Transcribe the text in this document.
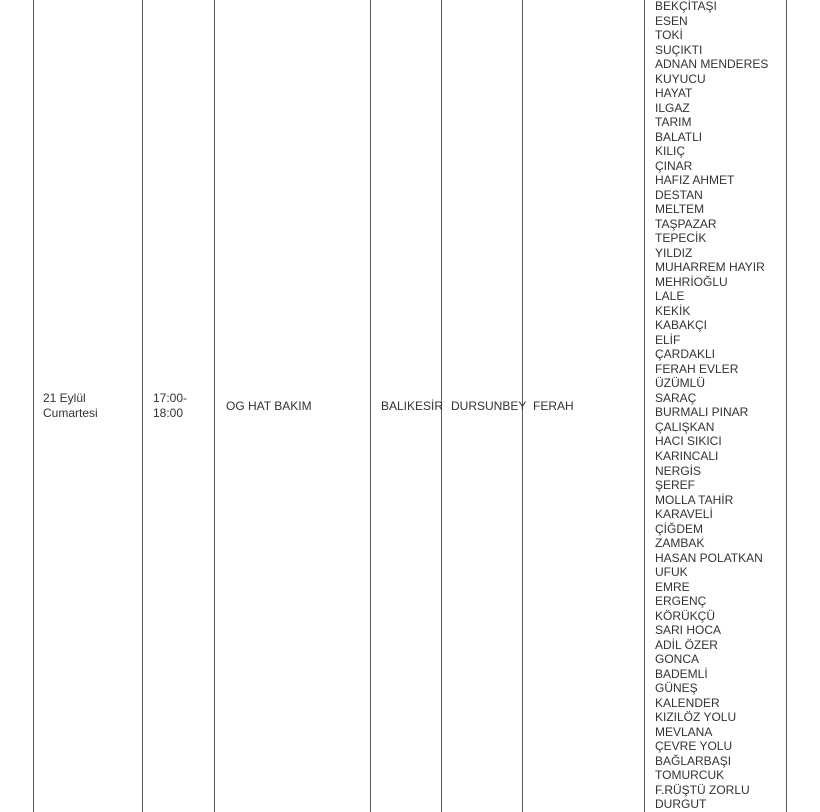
21 Eylül
Cumartesi
17:00-
18:00	OG HAT BAKIM	BALIKESİR DURSUNBEY FERAH
BEKÇİTAŞI
ESEN
TOKİ
SUÇIKTI
ADNAN MENDERES
KUYUCU
HAYAT
ILGAZ
TARIM
BALATLI
KILIÇ
ÇINAR
HAFIZ AHMET
DESTAN
MELTEM
TAŞPAZAR
TEPECİK
YILDIZ
MUHARREM HAYIR
MEHRİOĞLU
LALE
KEKİK
KABAKÇI
ELİF
ÇARDAKLI
FERAH EVLER
ÜZÜMLÜ
SARAÇ
BURMALI PINAR
ÇALIŞKAN
HACI SIKICI
KARINCALI
NERGİS
ŞEREF
MOLLA TAHİR
KARAVELİ
ÇİĞDEM
ZAMBAK
HASAN POLATKAN
UFUK
EMRE
ERGENÇ
KÖRÜKÇÜ
SARI HOCA
ADİL ÖZER
GONCA
BADEMLİ
GÜNEŞ
KALENDER
KIZILÖZ YOLU
MEVLANA
ÇEVRE YOLU
BAĞLARBAŞI
TOMURCUK
F.RÜŞTÜ ZORLU
DURGUT
